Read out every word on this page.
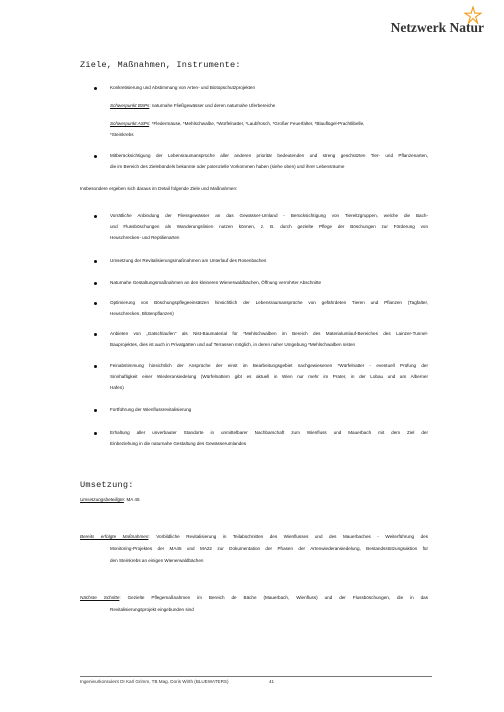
Netzwerk Natur
Ziele, Maßnahmen, Instrumente:
Konkretisierung und Abstimmung von Arten- und Biotopschutzprojekten
Schwerpunkt BSPs: naturnahe Fließgewässer und deren naturnahe Uferbereiche
Schwerpunkt ASPs: *Fledermäuse, *Mehlschwalbe, *Würfelnatter, *Laubfrosch, *Großer Feuerfalter, *Blauflügel-Prachtlibelle,
*Steinkrebs
Mitberücksichtigung der Lebensraumansprüche aller anderen prioritär bedeutenden und streng geschützten Tier- und Pflanzenarten,
die im Bereich des Zielebündels bekannte oder potenzielle Vorkommen haben (siehe oben) und ihrer Lebensräume
Insbesondere ergeben sich daraus im Detail folgende Ziele und Maßnahmen:
Vorrätliche Anbindung der Fliessgewässer an das Gewässer-Umland - Berücksichtigung von Tiereitzgruppen, welche die Bach-
und Flussböschungen als Wanderungslinien nutzen können, z. B. durch gezielte Pflege der Böschungen zur Förderung von
Heuschrecken- und Reptilienarten
Umsetzung der Revitalisierungsmaßnahmen am Unterlauf des Rosenbaches
Naturnahe Gestaltungsmaßnahmen an den kleineren Wienerwaldbächen, Öffnung verrohrter Abschnitte
Optimierung von Böschungspflegeeinsätzen hinsichtlich der Lebensraumansprüche von gefährdeten Tieren und Pflanzen (Tagfalter,
Heuschrecken, Blütenpflanzen)
Anbieten von „Gatschlaufen" als Nist-Baumaterial für *Mehlschwalben im Bereich des Materialumlauf-Bereiches des Lainzer-Tunnel-
Bauprojektes, dies ist auch in Privatgärten und auf Terrassen möglich, in deren naher Umgebung *Mehlschwalben nisten
Feinabstimmung hinsichtlich der Ansprüche der einst im Bearbeitungsgebiet nachgewiesenen *Würfelnatter - eventuell Prüfung der
Sinnhaftigkeit einer Wiederansiedelung (Würfelnattern gibt es aktuell in Wien nur mehr im Prater, in der Lobau und am Alberner
Hafen)
Fortführung der Wienflussrevitalisierung
Erhaltung aller unverbauter Standorte in unmittelbarer Nachbarschaft zum Wienfluss und Mauerbach mit dem Ziel der
Einbeziehung in die naturnahe Gestaltung des Gewässerumlandes
Umsetzung:
Umsetzungsbeteiligte: MA 45
Bereits erfolgte Maßnahmen: Vorbildliche Revitalisierung in Teilabschnitten des Wienflusses und des Mauerbaches - Weiterführung des
Monitoring-Projektes der MA45 und MA22 zur Dokumentation der Phasen der Artenwiederansiedelung, Bestandsstützungsaktion für
den Steinkrebs an einigen Wienerwaldbächen
Nächste Schritte: Gezielte Pflegemaßnahmen im Bereich de Bäche (Mauerbach, Wienfluss) und der Flussböschungen, die in das
Revitalisierungsprojekt eingebunden sind
Ingenieurkonsulent DI Karl Grimm, TB Mag. Doris Wirth (BLUEWATERS)	41
